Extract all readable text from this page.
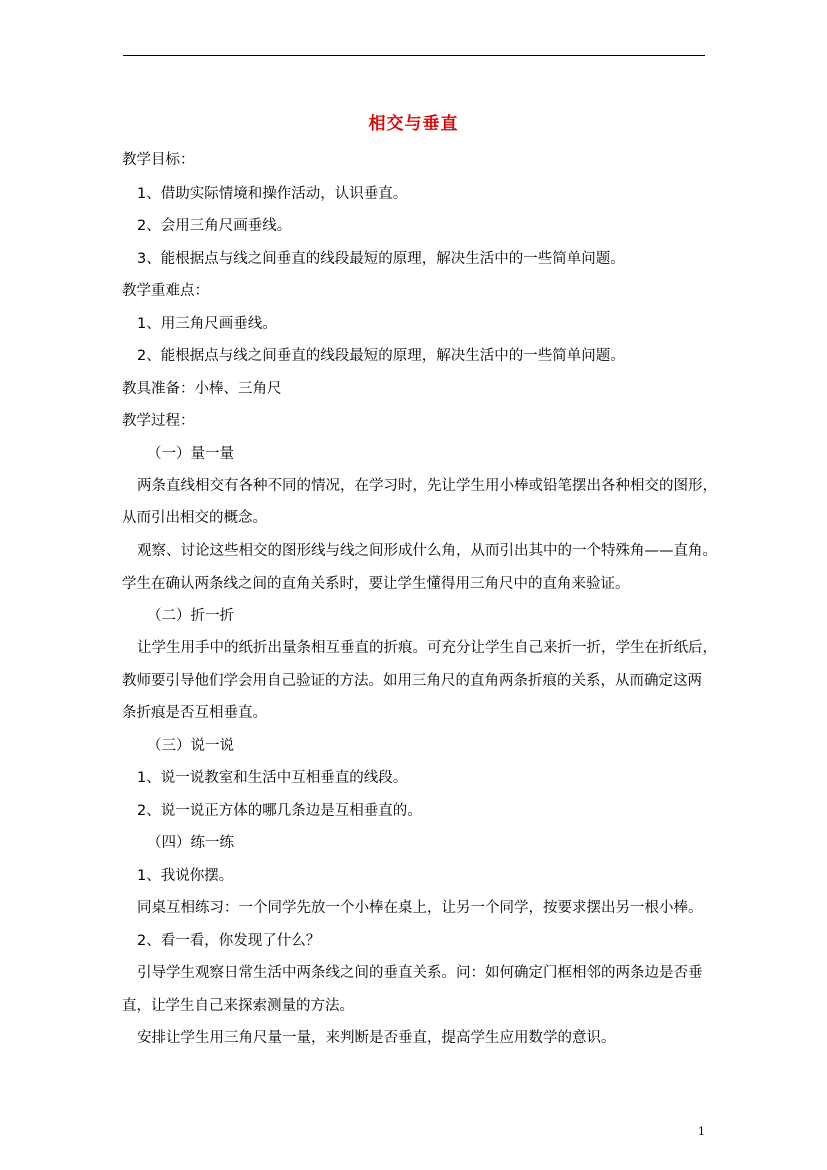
相交与垂直
教学目标：
1、借助实际情境和操作活动，认识垂直。
2、会用三角尺画垂线。
3、能根据点与线之间垂直的线段最短的原理，解决生活中的一些简单问题。
教学重难点：
1、用三角尺画垂线。
2、能根据点与线之间垂直的线段最短的原理，解决生活中的一些简单问题。
教具准备：小棒、三角尺
教学过程：
（一）量一量
两条直线相交有各种不同的情况，在学习时，先让学生用小棒或铅笔摆出各种相交的图形，
从而引出相交的概念。
观察、讨论这些相交的图形线与线之间形成什么角，从而引出其中的一个特殊角——直角。
学生在确认两条线之间的直角关系时，要让学生懂得用三角尺中的直角来验证。
（二）折一折
让学生用手中的纸折出量条相互垂直的折痕。可充分让学生自己来折一折，学生在折纸后，
教师要引导他们学会用自己验证的方法。如用三角尺的直角两条折痕的关系，从而确定这两
条折痕是否互相垂直。
（三）说一说
1、说一说教室和生活中互相垂直的线段。
2、说一说正方体的哪几条边是互相垂直的。
（四）练一练
1、我说你摆。
同桌互相练习：一个同学先放一个小棒在桌上，让另一个同学，按要求摆出另一根小棒。
2、看一看，你发现了什么？
引导学生观察日常生活中两条线之间的垂直关系。问：如何确定门框相邻的两条边是否垂
直，让学生自己来探索测量的方法。
安排让学生用三角尺量一量，来判断是否垂直，提高学生应用数学的意识。
1
